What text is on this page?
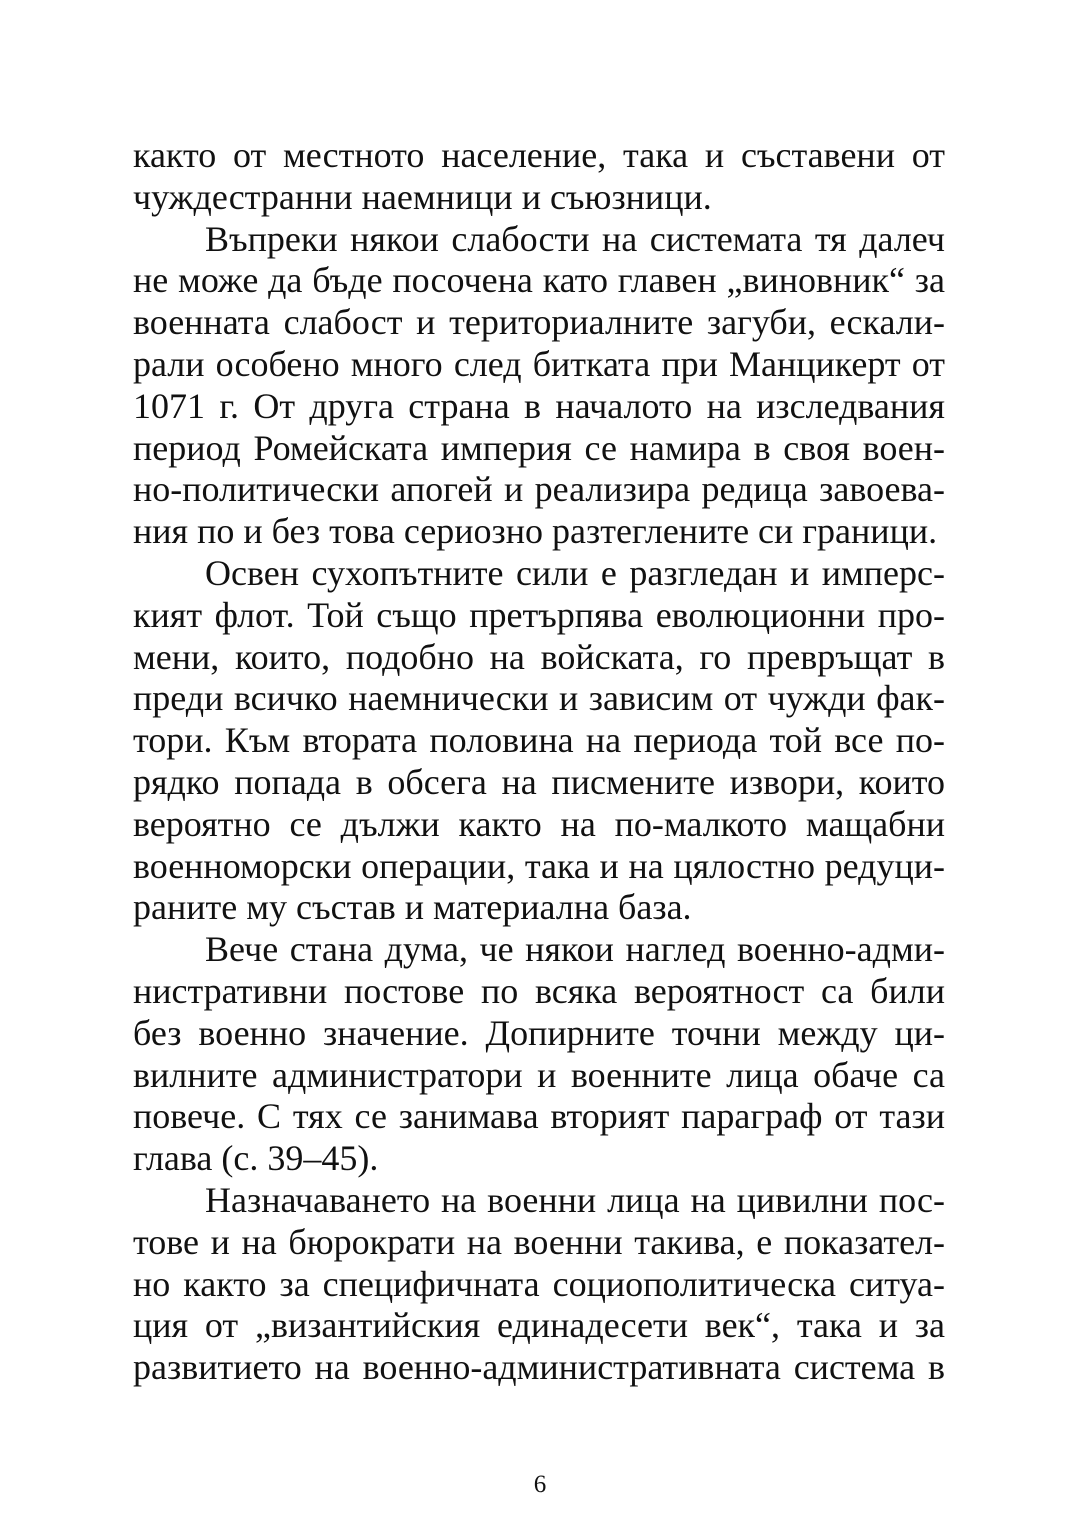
както от местното население, така и съставени от
чуждестранни наемници и съюзници.
Въпреки някои слабости на системата тя далеч
не може да бъде посочена като главен „виновник“ за
военната слабост и териториалните загуби, ескали-
рали особено много след битката при Манцикерт от
1071 г. От друга страна в началото на изследвания
период Ромейската империя се намира в своя воен-
но-политически апогей и реализира редица завоева-
ния по и без това сериозно разтеглените си граници.
Освен сухопътните сили е разгледан и имперс-
кият флот. Той също претърпява еволюционни про-
мени, които, подобно на войската, го превръщат в
преди всичко наемнически и зависим от чужди фак-
тори. Към втората половина на периода той все по-
рядко попада в обсега на писмените извори, които
вероятно се дължи както на по-малкото мащабни
военноморски операции, така и на цялостно редуци-
раните му състав и материална база.
Вече стана дума, че някои наглед военно-адми-
нистративни постове по всяка вероятност са били
без военно значение. Допирните точни между ци-
вилните администратори и военните лица обаче са
повече. С тях се занимава вторият параграф от тази
глава (с. 39–45).
Назначаването на военни лица на цивилни пос-
тове и на бюрократи на военни такива, е показател-
но както за специфичната социополитическа ситуа-
ция от „византийския единадесети век“, така и за
развитието на военно-административната система в
6
